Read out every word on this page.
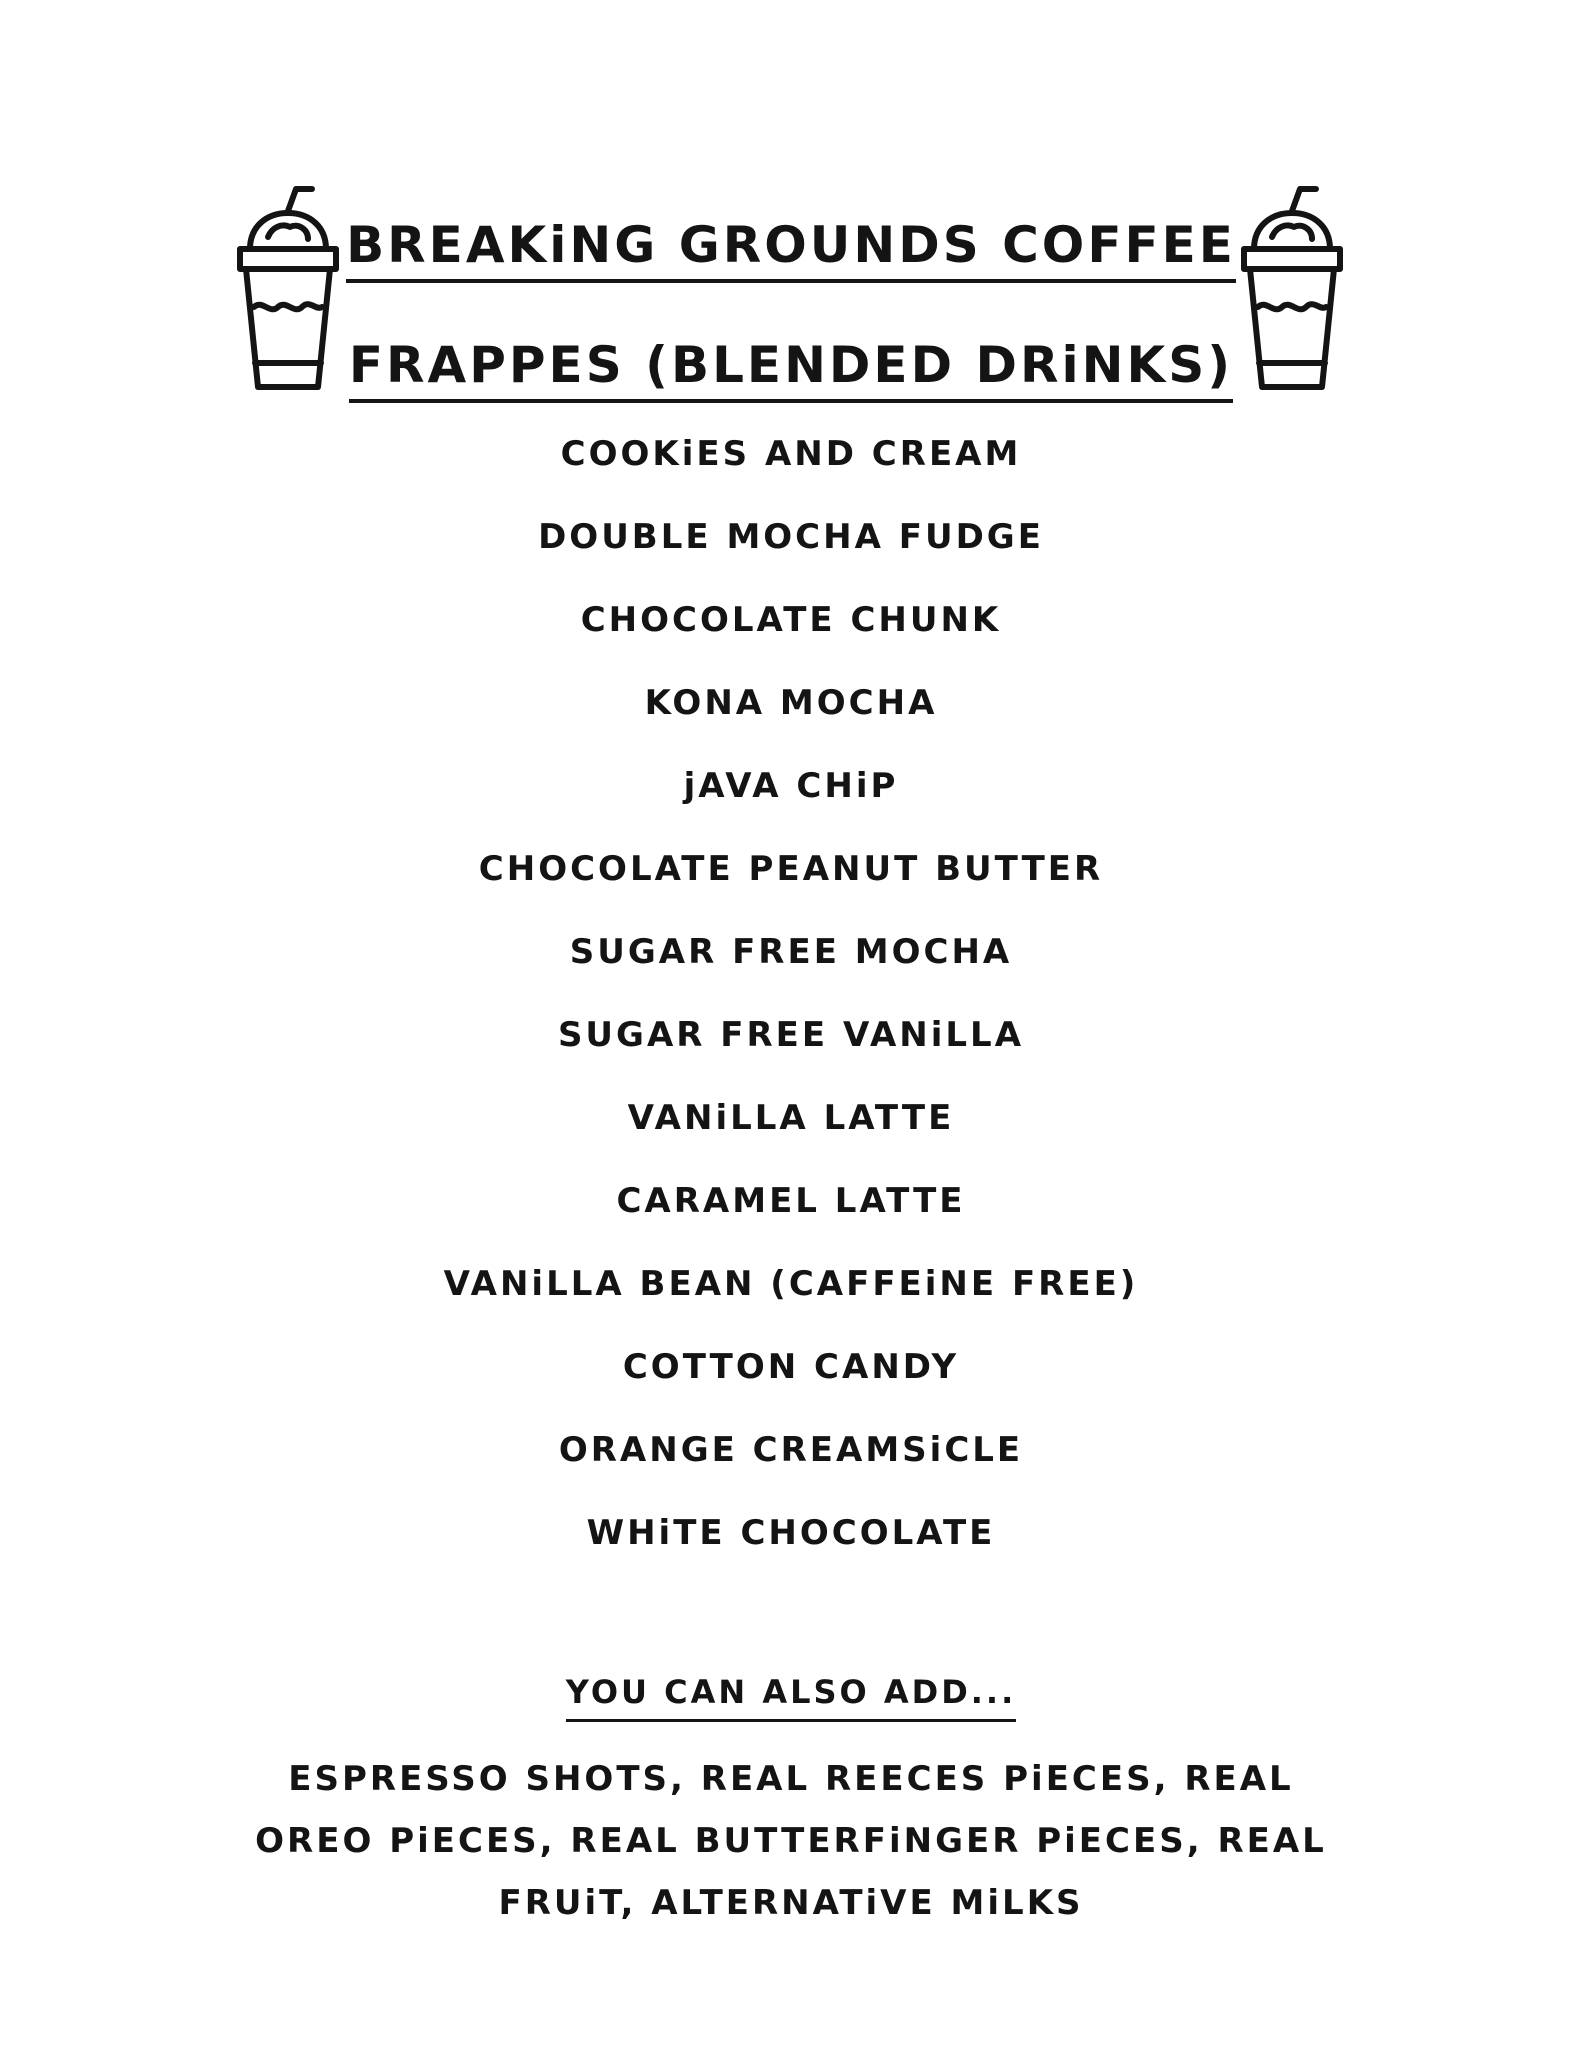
BREAKiNG GROUNDS COFFEE
FRAPPES (BLENDED DRiNKS)
COOKiES AND CREAM
DOUBLE MOCHA FUDGE
CHOCOLATE CHUNK
KONA MOCHA
jAVA CHiP
CHOCOLATE PEANUT BUTTER
SUGAR FREE MOCHA
SUGAR FREE VANiLLA
VANiLLA LATTE
CARAMEL LATTE
VANiLLA BEAN (CAFFEiNE FREE)
COTTON CANDY
ORANGE CREAMSiCLE
WHiTE CHOCOLATE
YOU CAN ALSO ADD...

ESPRESSO SHOTS, REAL REECES PiECES, REAL OREO PiECES, REAL BUTTERFiNGER PiECES, REAL FRUiT, ALTERNATiVE MiLKS
